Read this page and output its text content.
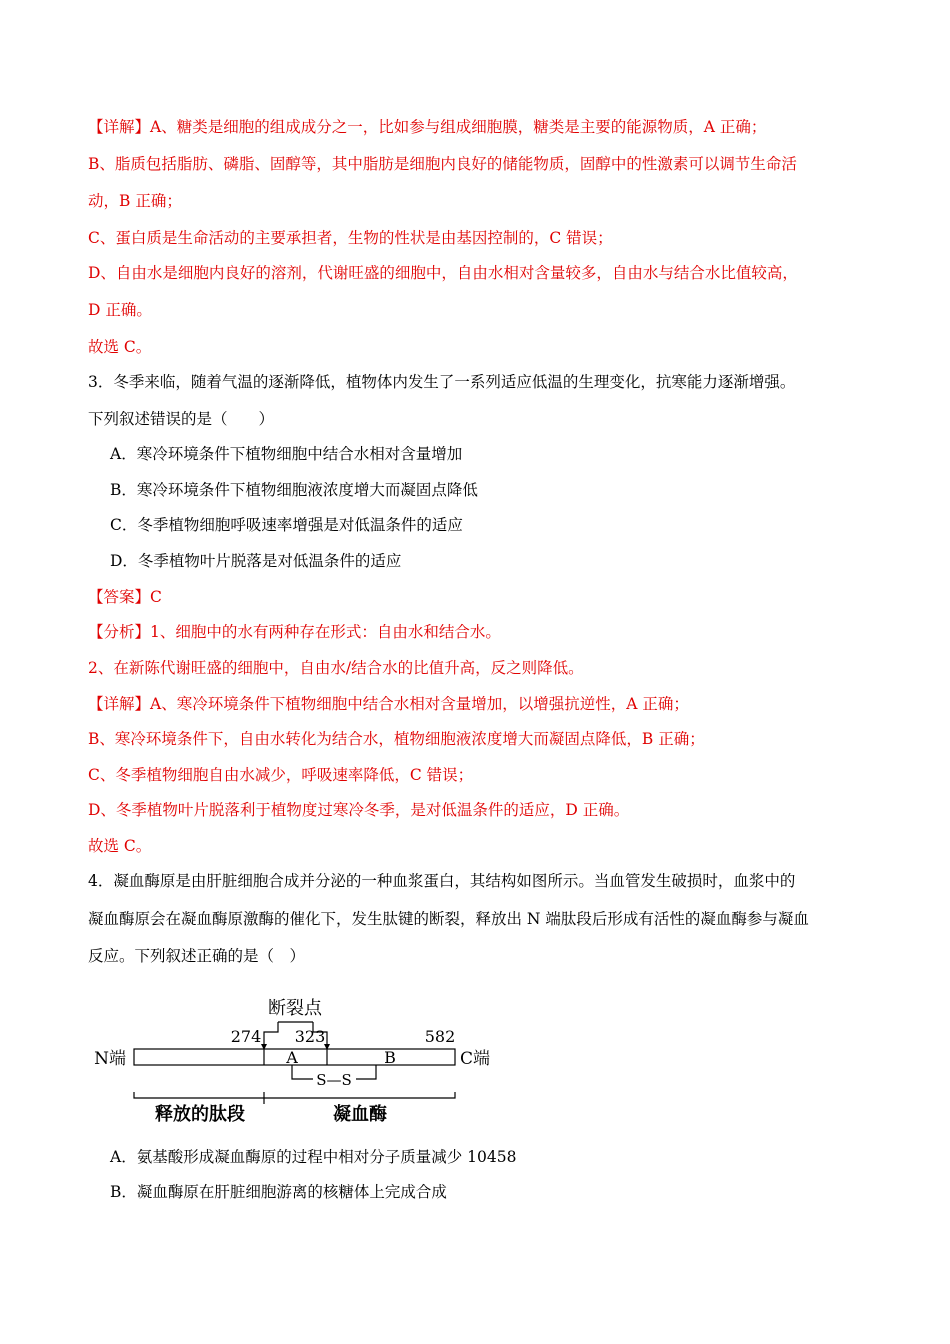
【详解】A、糖类是细胞的组成成分之一，比如参与组成细胞膜，糖类是主要的能源物质，A 正确；
B、脂质包括脂肪、磷脂、固醇等，其中脂肪是细胞内良好的储能物质，固醇中的性激素可以调节生命活
动，B 正确；
C、蛋白质是生命活动的主要承担者，生物的性状是由基因控制的，C 错误；
D、自由水是细胞内良好的溶剂，代谢旺盛的细胞中，自由水相对含量较多，自由水与结合水比值较高，
D 正确。
故选 C。
3．冬季来临，随着气温的逐渐降低，植物体内发生了一系列适应低温的生理变化，抗寒能力逐渐增强。
下列叙述错误的是（　　）
A．寒冷环境条件下植物细胞中结合水相对含量增加
B．寒冷环境条件下植物细胞液浓度增大而凝固点降低
C．冬季植物细胞呼吸速率增强是对低温条件的适应
D．冬季植物叶片脱落是对低温条件的适应
【答案】C
【分析】1、细胞中的水有两种存在形式：自由水和结合水。
2、在新陈代谢旺盛的细胞中，自由水/结合水的比值升高，反之则降低。
【详解】A、寒冷环境条件下植物细胞中结合水相对含量增加，以增强抗逆性，A 正确；
B、寒冷环境条件下，自由水转化为结合水，植物细胞液浓度增大而凝固点降低，B 正确；
C、冬季植物细胞自由水减少，呼吸速率降低，C 错误；
D、冬季植物叶片脱落利于植物度过寒冷冬季，是对低温条件的适应，D 正确。
故选 C。
4．凝血酶原是由肝脏细胞合成并分泌的一种血浆蛋白，其结构如图所示。当血管发生破损时，血浆中的
凝血酶原会在凝血酶原激酶的催化下，发生肽键的断裂，释放出 N 端肽段后形成有活性的凝血酶参与凝血
反应。下列叙述正确的是（　）
断裂点
274 323	582
N端	C端
A	B
S—S
释放的肽段	凝血酶
A．氨基酸形成凝血酶原的过程中相对分子质量减少 10458
B．凝血酶原在肝脏细胞游离的核糖体上完成合成
